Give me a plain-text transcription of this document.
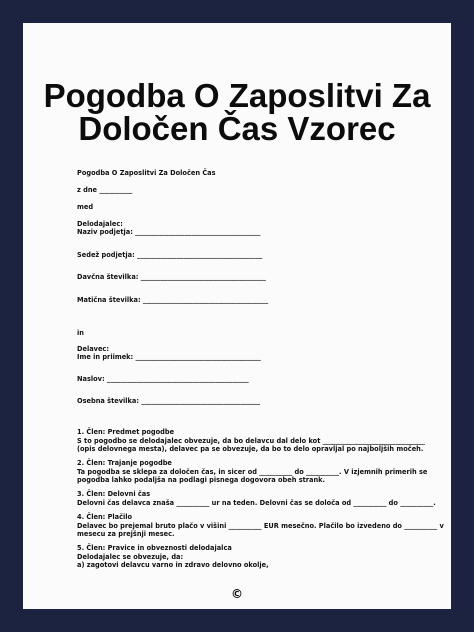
Pogodba O Zaposlitvi Za Določen Čas Vzorec
Pogodba O Zaposlitvi Za Določen Čas
z dne __________
med
Delodajalec:
Naziv podjetja: ______________________________________
Sedež podjetja: ______________________________________
Davčna številka: ______________________________________
Matična številka: ______________________________________
in
Delavec:
Ime in priimek: ______________________________________
Naslov: ___________________________________________
Osebna številka: ____________________________________
1. Člen: Predmet pogodbe
S to pogodbo se delodajalec obvezuje, da bo delavcu dal delo kot _______________________________
(opis delovnega mesta), delavec pa se obvezuje, da bo to delo opravljal po najboljših močeh.
2. Člen: Trajanje pogodbe
Ta pogodba se sklepa za določen čas, in sicer od __________ do __________. V izjemnih primerih se
pogodba lahko podaljša na podlagi pisnega dogovora obeh strank.
3. Člen: Delovni čas
Delovni čas delavca znaša __________ ur na teden. Delovni čas se določa od __________ do __________.
4. Člen: Plačilo
Delavec bo prejemal bruto plačo v višini __________ EUR mesečno. Plačilo bo izvedeno do __________ v
mesecu za prejšnji mesec.
5. Člen: Pravice in obveznosti delodajalca
Delodajalec se obvezuje, da:
a) zagotovi delavcu varno in zdravo delovno okolje,
©
